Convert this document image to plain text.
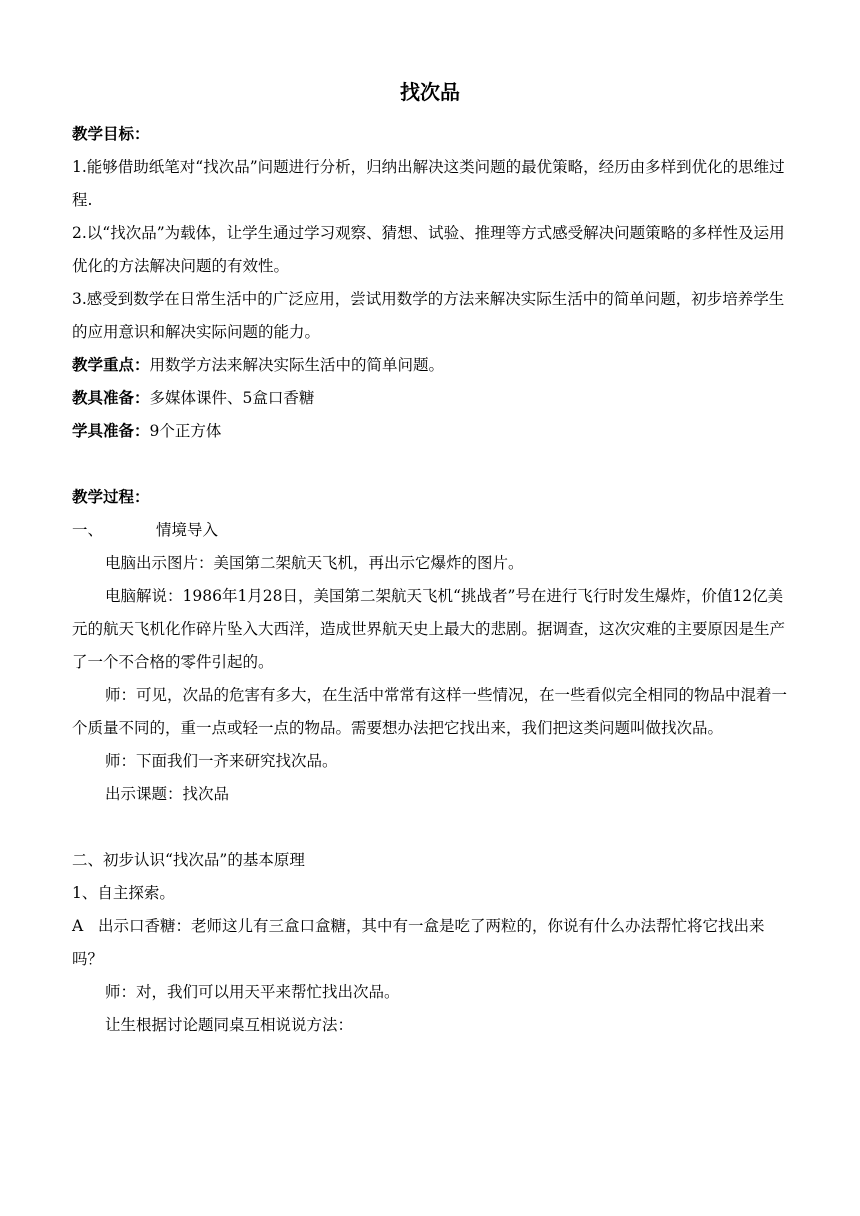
找次品

教学目标：

1.能够借助纸笔对“找次品”问题进行分析，归纳出解决这类问题的最优策略，经历由多样到优化的思维过程.

2.以“找次品”为载体，让学生通过学习观察、猜想、试验、推理等方式感受解决问题策略的多样性及运用优化的方法解决问题的有效性。

3.感受到数学在日常生活中的广泛应用，尝试用数学的方法来解决实际生活中的简单问题，初步培养学生的应用意识和解决实际问题的能力。

教学重点：用数学方法来解决实际生活中的简单问题。

教具准备：多媒体课件、5盒口香糖

学具准备：9个正方体

教学过程：

一、	情境导入

电脑出示图片：美国第二架航天飞机，再出示它爆炸的图片。

电脑解说：1986年1月28日，美国第二架航天飞机“挑战者”号在进行飞行时发生爆炸，价值12亿美元的航天飞机化作碎片坠入大西洋，造成世界航天史上最大的悲剧。据调查，这次灾难的主要原因是生产了一个不合格的零件引起的。

师：可见，次品的危害有多大，在生活中常常有这样一些情况，在一些看似完全相同的物品中混着一个质量不同的，重一点或轻一点的物品。需要想办法把它找出来，我们把这类问题叫做找次品。

师：下面我们一齐来研究找次品。

出示课题：找次品

二、初步认识“找次品”的基本原理

1、自主探索。

A 出示口香糖：老师这儿有三盒口盒糖，其中有一盒是吃了两粒的，你说有什么办法帮忙将它找出来吗？

师：对，我们可以用天平来帮忙找出次品。

让生根据讨论题同桌互相说说方法：
